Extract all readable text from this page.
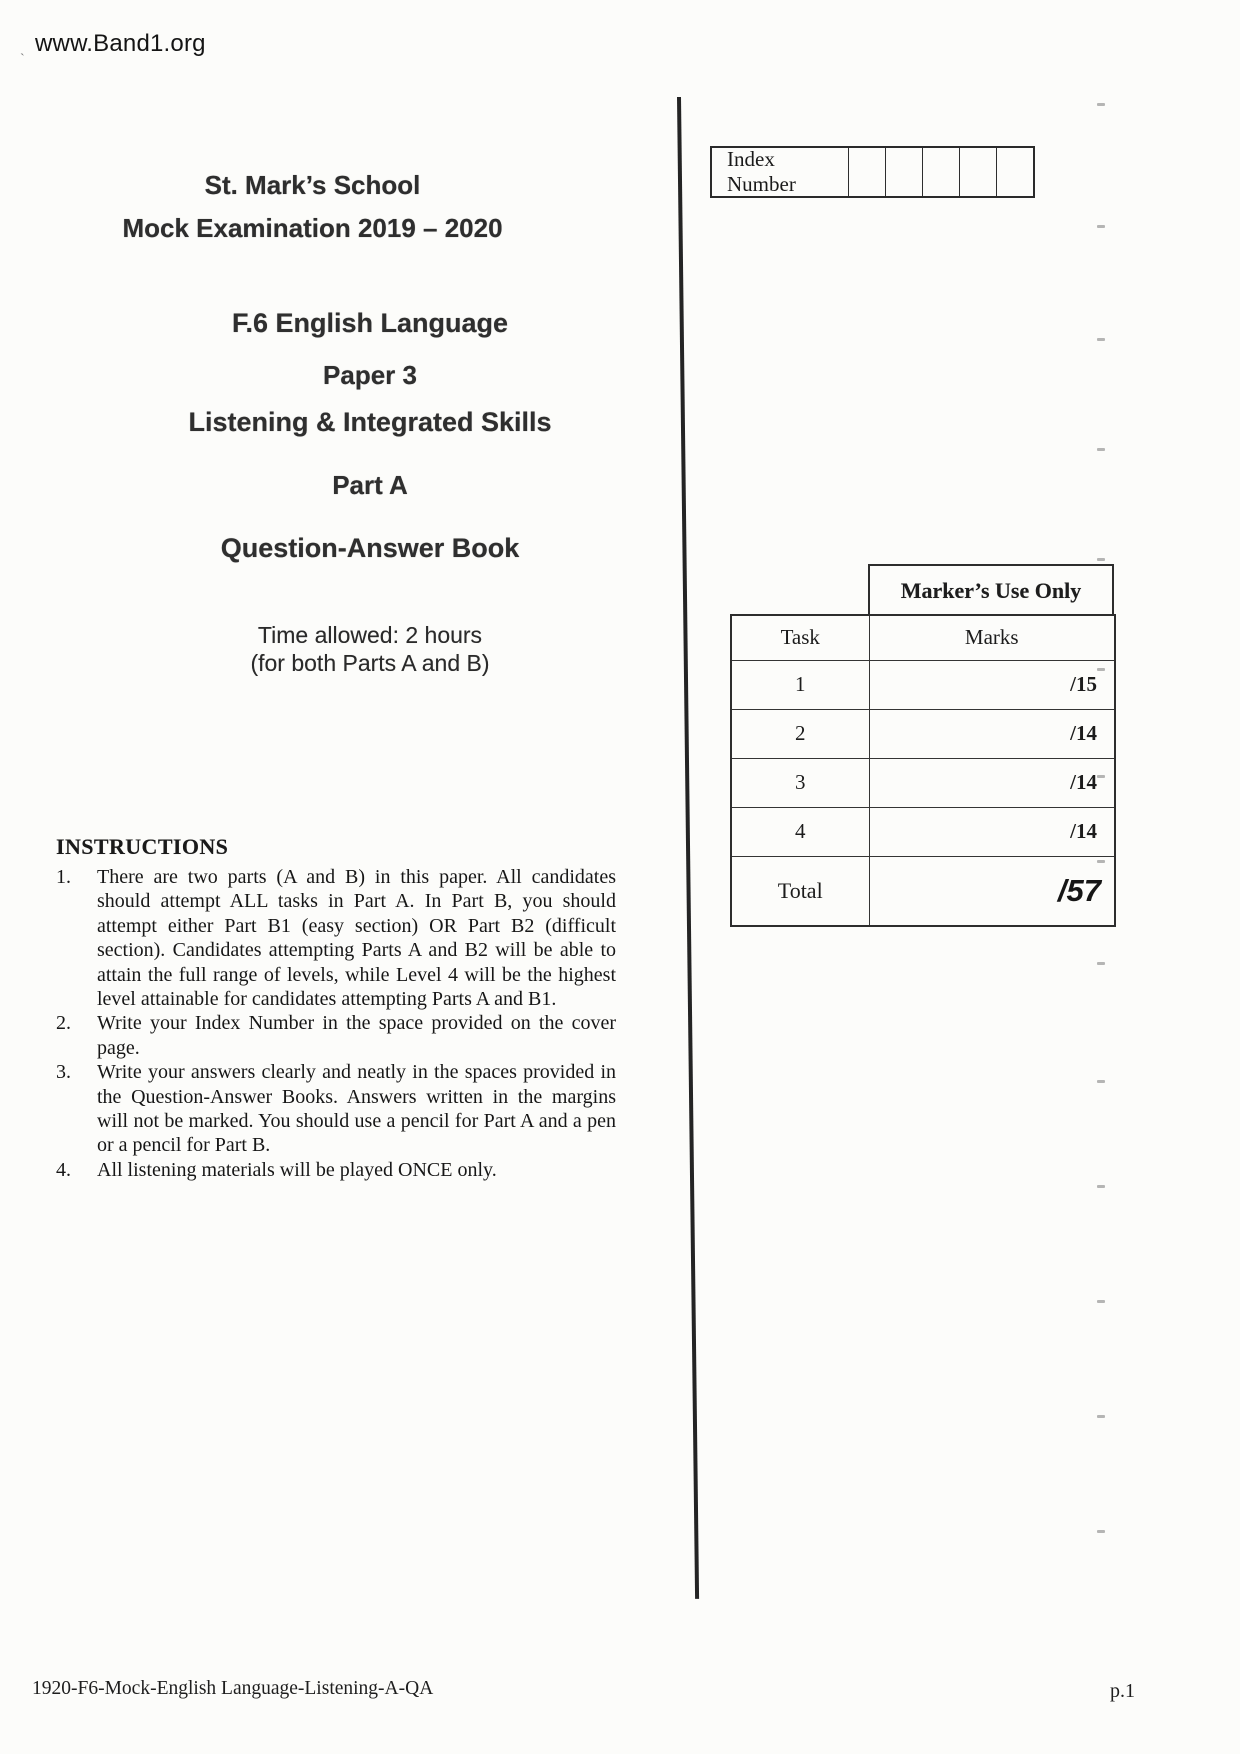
www.Band1.org
`
St. Mark’s School
Mock Examination 2019 – 2020
F.6 English Language
Paper 3
Listening & Integrated Skills
Part A
Question-Answer Book
Time allowed: 2 hours
(for both Parts A and B)
Index Number
Marker’s Use Only
Task	Marks
1	/15
2	/14
3	/14
4	/14
Total	/57
INSTRUCTIONS
1.	There are two parts (A and B) in this paper. All candidates should attempt ALL tasks in Part A. In Part B, you should attempt either Part B1 (easy section) OR Part B2 (difficult section). Candidates attempting Parts A and B2 will be able to attain the full range of levels, while Level 4 will be the highest level attainable for candidates attempting Parts A and B1.
2.	Write your Index Number in the space provided on the cover page.
3.	Write your answers clearly and neatly in the spaces provided in the Question-Answer Books. Answers written in the margins will not be marked. You should use a pencil for Part A and a pen or a pencil for Part B.
4.	All listening materials will be played ONCE only.
1920-F6-Mock-English Language-Listening-A-QA	p.1
